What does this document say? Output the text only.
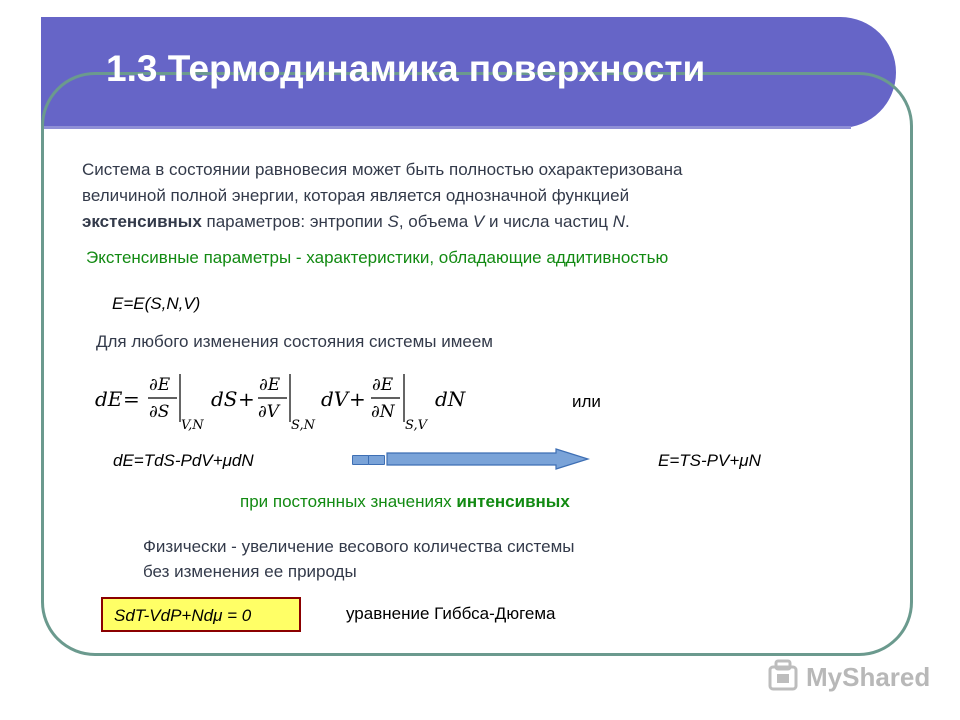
1.3.Термодинамика поверхности
Система в состоянии равновесия может быть полностью охарактеризована
величиной полной энергии, которая является однозначной функцией
экстенсивных параметров: энтропии S, объема V и числа частиц N.
Экстенсивные параметры - характеристики, обладающие аддитивностью
E=E(S,N,V)
Для любого изменения состояния системы имеем
dE =
∂E
∂S
V,N
dS +
∂E
∂V
S,N
dV +
∂E
∂N
S,V
dN	или
dE=TdS-PdV+μdN	E=TS-PV+μN
при постоянных значениях интенсивных
Физически - увеличение весового количества системы
без изменения ее природы
SdT-VdP+Ndμ = 0	уравнение Гиббса-Дюгема
MyShared
